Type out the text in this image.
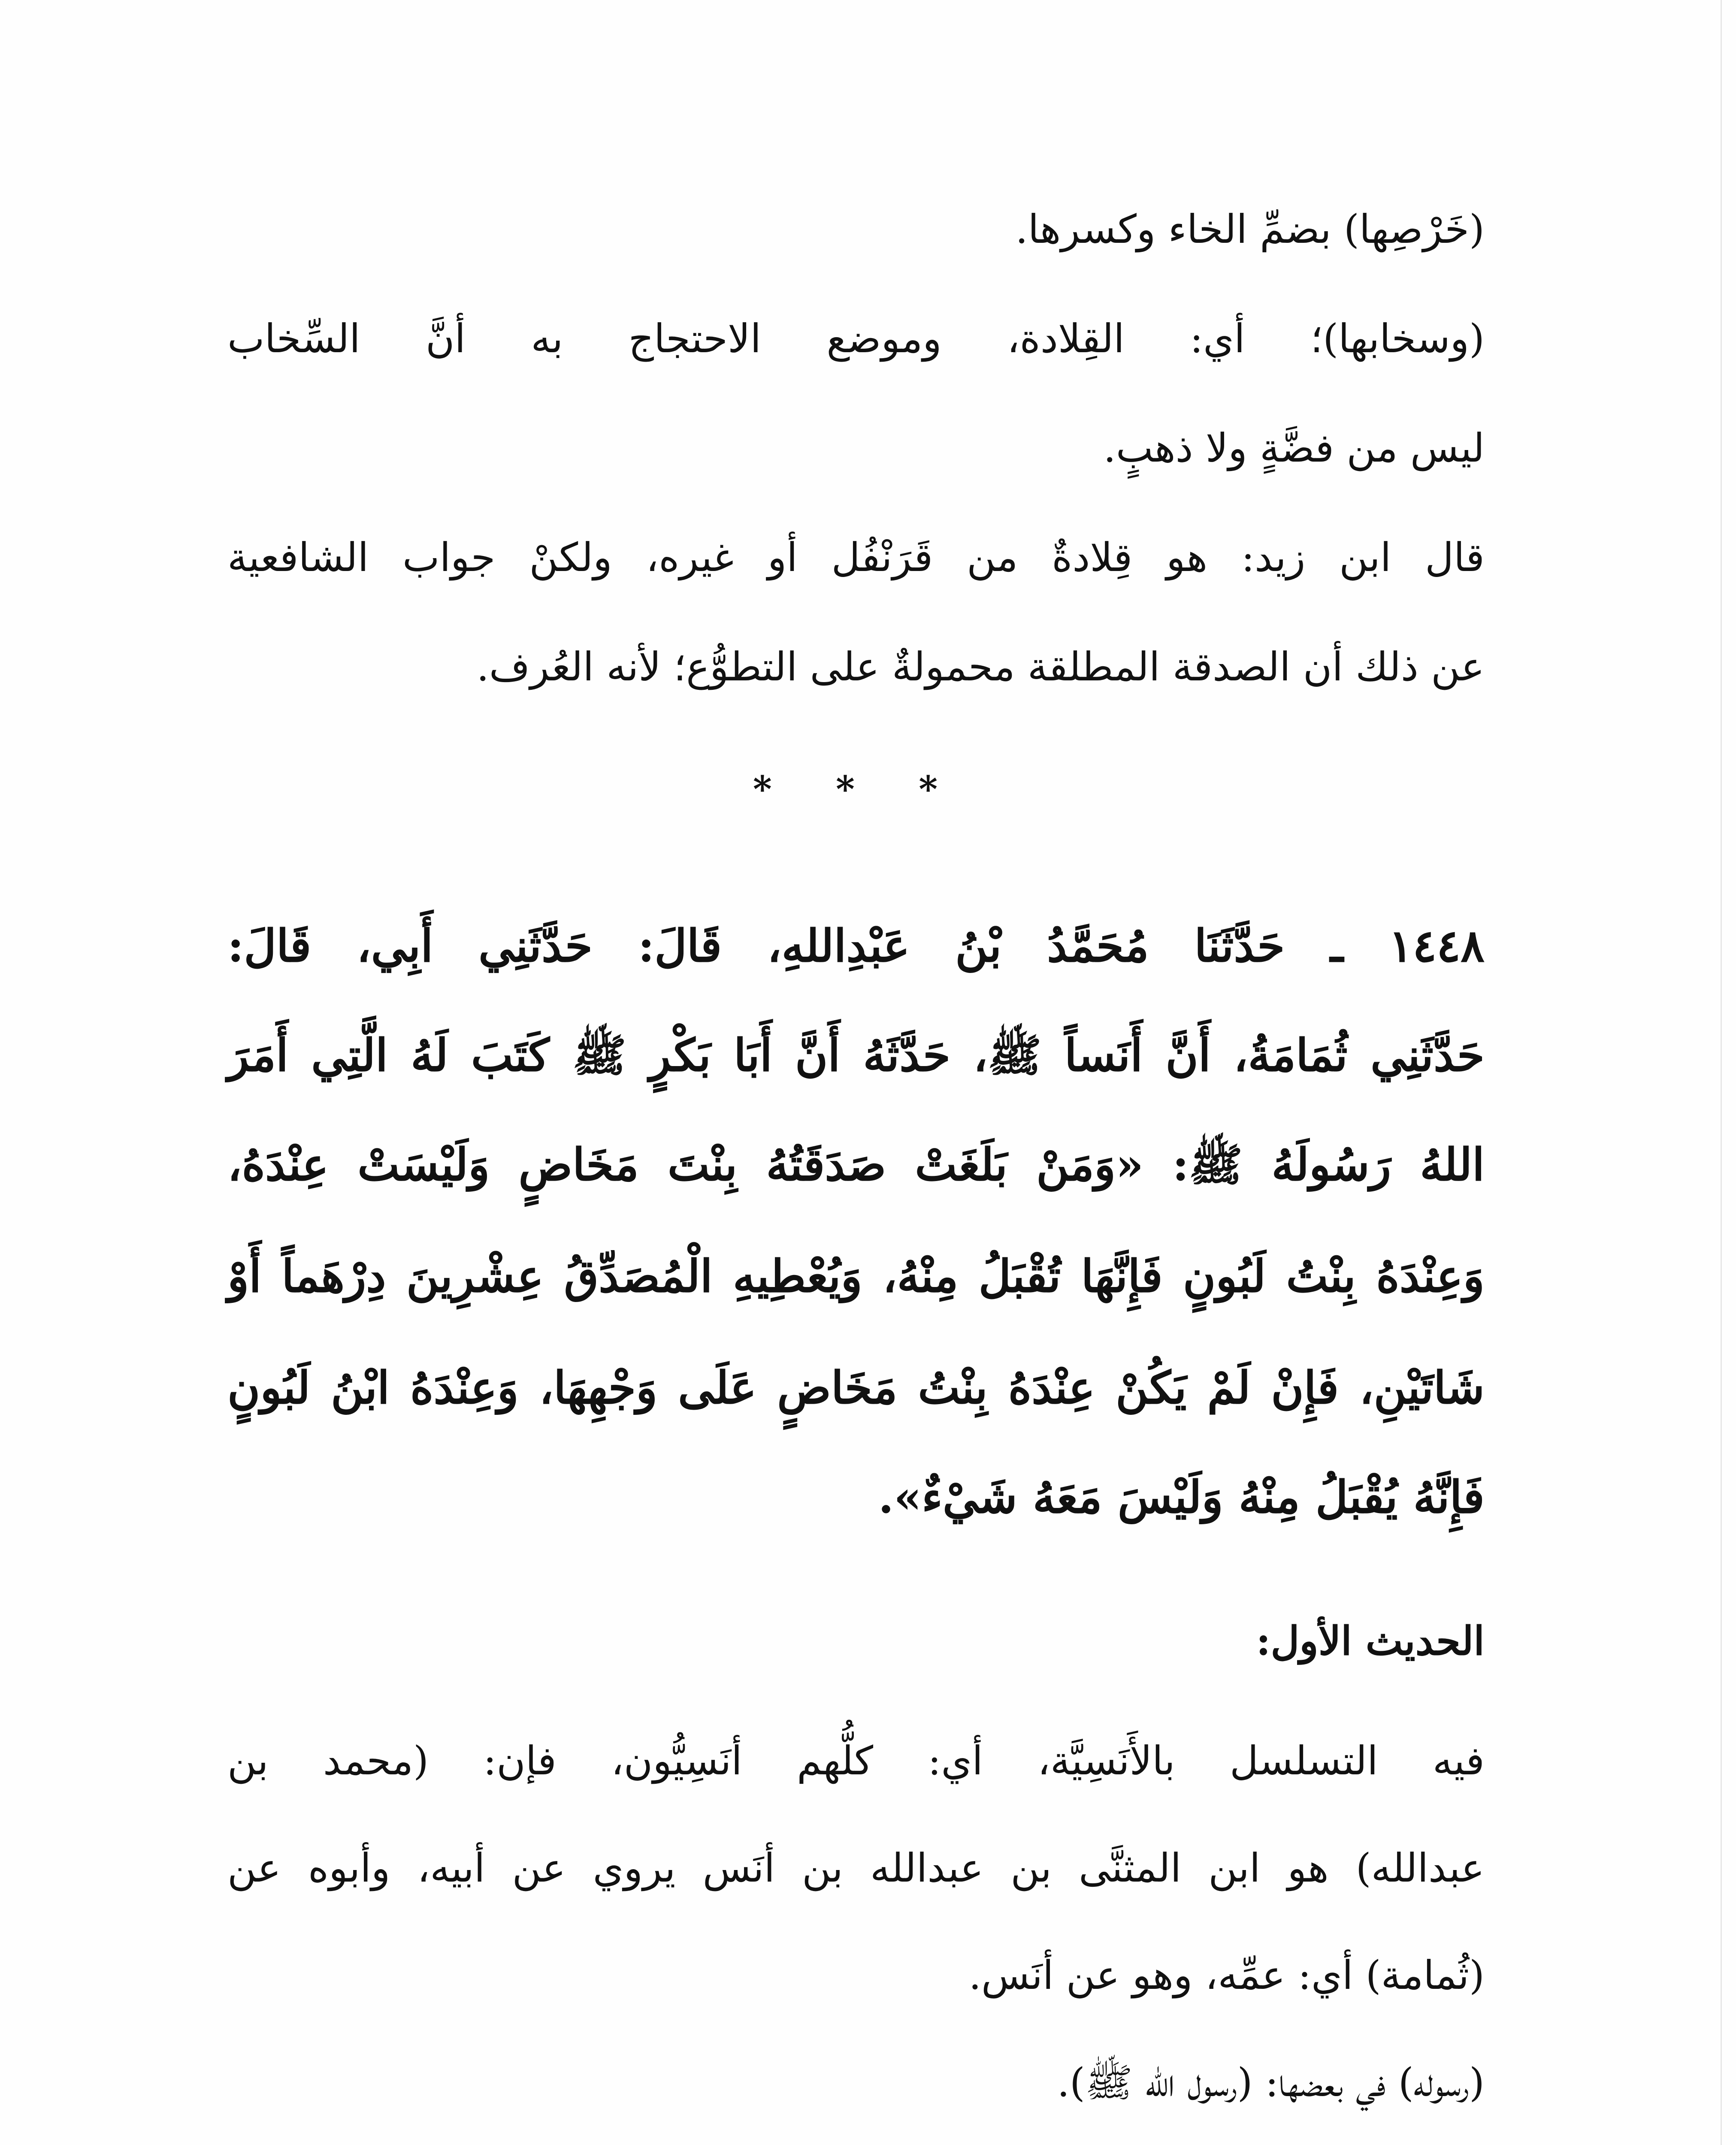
(خَرْصِها) بضمِّ الخاء وكسرها.
(وسخابها)؛ أي: القِلادة، وموضع الاحتجاج به أنَّ السِّخاب
ليس من فضَّةٍ ولا ذهبٍ.
قال ابن زيد: هو قِلادةٌ من قَرَنْفُل أو غيره، ولكنْ جواب الشافعية
عن ذلك أن الصدقة المطلقة محمولةٌ على التطوُّع؛ لأنه العُرف.
* * *
١٤٤٨ ـ حَدَّثَنَا مُحَمَّدُ بْنُ عَبْدِاللهِ، قَالَ: حَدَّثَنِي أَبِي، قَالَ:
حَدَّثَنِي ثُمَامَةُ، أَنَّ أَنَساً ﷺ، حَدَّثَهُ أَنَّ أَبَا بَكْرٍ ﷺ كَتَبَ لَهُ الَّتِي أَمَرَ
اللهُ رَسُولَهُ ﷺ: «وَمَنْ بَلَغَتْ صَدَقَتُهُ بِنْتَ مَخَاضٍ وَلَيْسَتْ عِنْدَهُ،
وَعِنْدَهُ بِنْتُ لَبُونٍ فَإِنَّهَا تُقْبَلُ مِنْهُ، وَيُعْطِيهِ الْمُصَدِّقُ عِشْرِينَ دِرْهَماً أَوْ
شَاتَيْنِ، فَإِنْ لَمْ يَكُنْ عِنْدَهُ بِنْتُ مَخَاضٍ عَلَى وَجْهِهَا، وَعِنْدَهُ ابْنُ لَبُونٍ
فَإِنَّهُ يُقْبَلُ مِنْهُ وَلَيْسَ مَعَهُ شَيْءٌ».
الحديث الأول:
فيه التسلسل بالأَنَسِيَّة، أي: كلُّهم أنَسِيُّون، فإن: (محمد بن
عبدالله) هو ابن المثنَّى بن عبدالله بن أنَس يروي عن أبيه، وأبوه عن
(ثُمامة) أي: عمِّه، وهو عن أنَس.
(رسوله) في بعضها: (رسول الله ﷺ).
